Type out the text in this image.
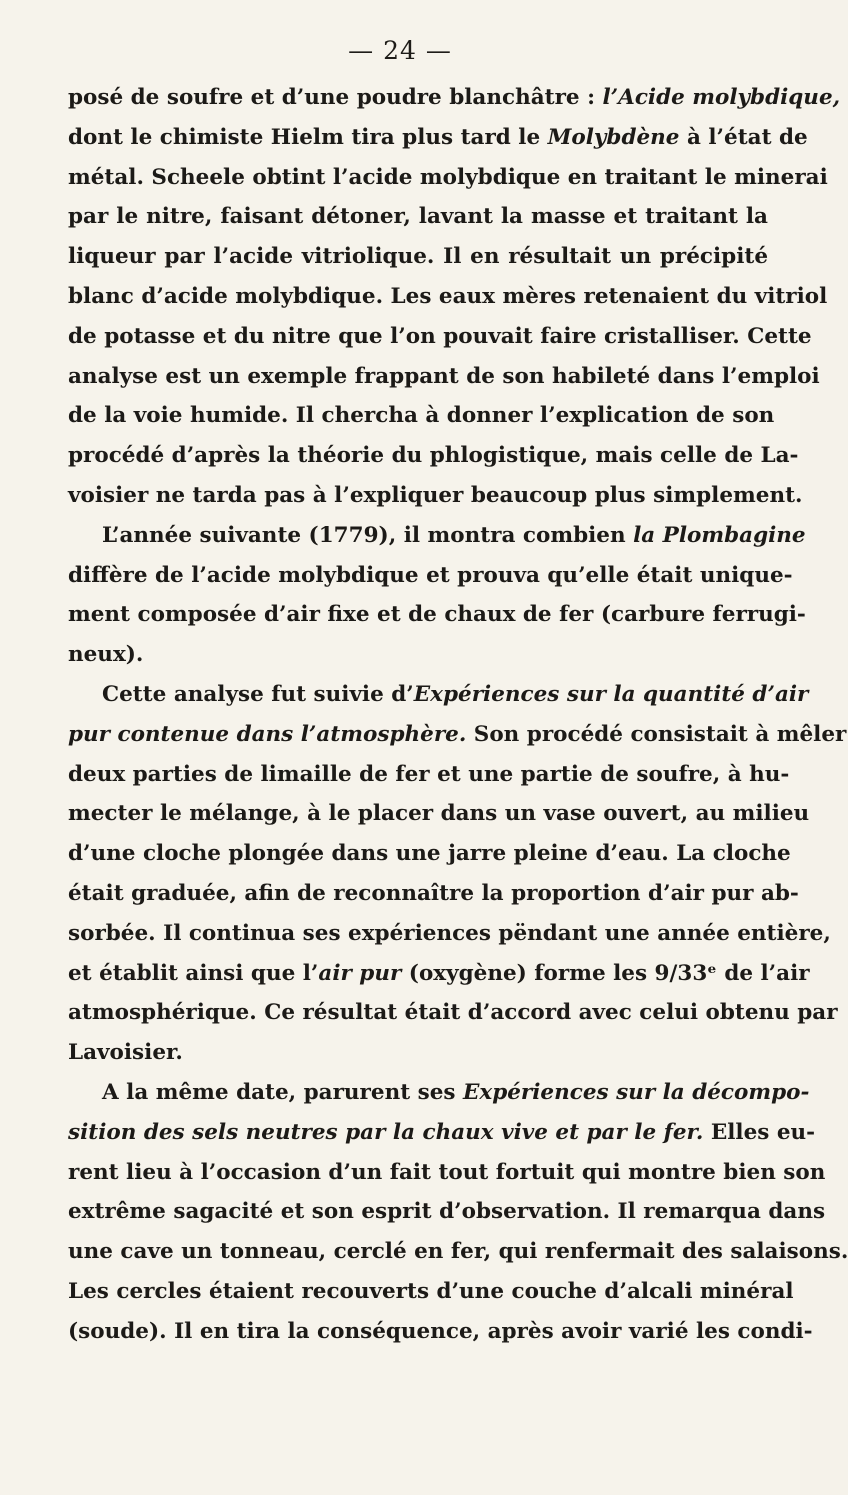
— 24 —
posé de soufre et d’une poudre blanchâtre : l’Acide molybdique,
dont le chimiste Hielm tira plus tard le Molybdène à l’état de
métal. Scheele obtint l’acide molybdique en traitant le minerai
par le nitre, faisant détoner, lavant la masse et traitant la
liqueur par l’acide vitriolique. Il en résultait un précipité
blanc d’acide molybdique. Les eaux mères retenaient du vitriol
de potasse et du nitre que l’on pouvait faire cristalliser. Cette
analyse est un exemple frappant de son habileté dans l’emploi
de la voie humide. Il chercha à donner l’explication de son
procédé d’après la théorie du phlogistique, mais celle de La-
voisier ne tarda pas à l’expliquer beaucoup plus simplement.
L’année suivante (1779), il montra combien la Plombagine
diffère de l’acide molybdique et prouva qu’elle était unique-
ment composée d’air fixe et de chaux de fer (carbure ferrugi-
neux).
Cette analyse fut suivie d’Expériences sur la quantité d’air
pur contenue dans l’atmosphère. Son procédé consistait à mêler
deux parties de limaille de fer et une partie de soufre, à hu-
mecter le mélange, à le placer dans un vase ouvert, au milieu
d’une cloche plongée dans une jarre pleine d’eau. La cloche
était graduée, afin de reconnaître la proportion d’air pur ab-
sorbée. Il continua ses expériences pëndant une année entière,
et établit ainsi que l’air pur (oxygène) forme les 9/33ᵉ de l’air
atmosphérique. Ce résultat était d’accord avec celui obtenu par
Lavoisier.
A la même date, parurent ses Expériences sur la décompo-
sition des sels neutres par la chaux vive et par le fer. Elles eu-
rent lieu à l’occasion d’un fait tout fortuit qui montre bien son
extrême sagacité et son esprit d’observation. Il remarqua dans
une cave un tonneau, cerclé en fer, qui renfermait des salaisons.
Les cercles étaient recouverts d’une couche d’alcali minéral
(soude). Il en tira la conséquence, après avoir varié les condi-
